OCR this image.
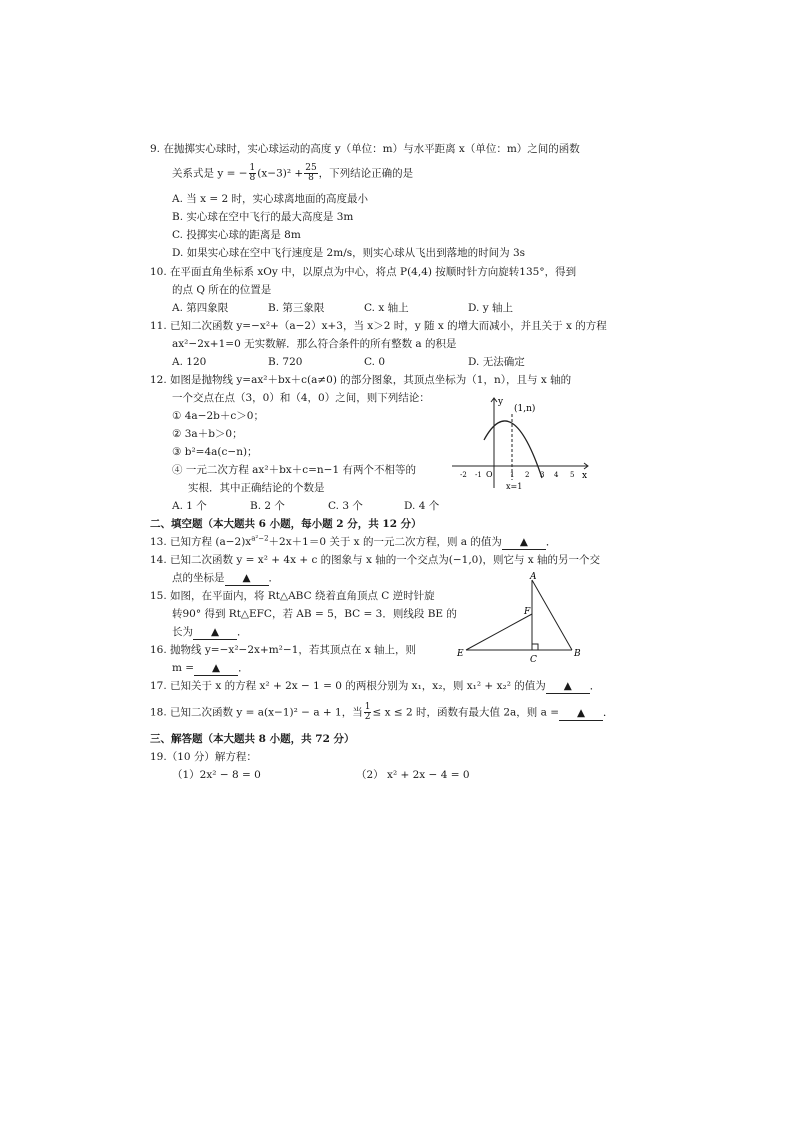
9. 在抛掷实心球时，实心球运动的高度 y（单位：m）与水平距离 x（单位：m）之间的函数
关系式是 y = − $\frac{1}{8} (x-3)^2 + \frac{25}{8}$ ，下列结论正确的是
A. 当 x = 2 时，实心球离地面的高度最小
B. 实心球在空中飞行的最大高度是 3m
C. 投掷实心球的距离是 8m
D. 如果实心球在空中飞行速度是 2m/s，则实心球从飞出到落地的时间为 3s
10. 在平面直角坐标系 xOy 中，以原点为中心，将点 P(4,4) 按顺时针方向旋转135°，得到
的点 Q 所在的位置是
A. 第四象限	B. 第三象限	C. x 轴上	D. y 轴上
11. 已知二次函数 y=−x²+（a−2）x+3，当 x＞2 时，y 随 x 的增大而减小，并且关于 x 的方程
ax²−2x+1=0 无实数解．那么符合条件的所有整数 a 的积是
A. 120	B. 720	C. 0	D. 无法确定
12. 如图是抛物线 y=ax²＋bx＋c(a≠0) 的部分图象，其顶点坐标为（1，n），且与 x 轴的
一个交点在点（3，0）和（4，0）之间，则下列结论：
① 4a−2b＋c＞0；
② 3a＋b＞0；
③ b²=4a(c−n)；
④ 一元二次方程 ax²＋bx＋c=n−1 有两个不相等的
实根．其中正确结论的个数是
A. 1 个	B. 2 个	C. 3 个	D. 4 个
y
x
(1,n)
O
-2 -1	1 2 3 4 5
x=1
二、填空题（本大题共 6 小题，每小题 2 分，共 12 分）
13. 已知方程 $(a-2)x^{a^2-2}+2x+1=0$ 关于 x 的一元二次方程，则 a 的值为 ▲ ．
14. 已知二次函数 y = x² + 4x + c 的图象与 x 轴的一个交点为(−1,0)，则它与 x 轴的另一个交
点的坐标是 ▲ ．
15. 如图，在平面内，将 Rt△ABC 绕着直角顶点 C 逆时针旋
转90° 得到 Rt△EFC，若 AB = 5，BC = 3．则线段 BE 的
长为 ▲ ．
A
B
C
E
F
16. 抛物线 y=−x²−2x+m²−1，若其顶点在 x 轴上，则
m = ▲ ．
17. 已知关于 x 的方程 x² + 2x − 1 = 0 的两根分别为 x₁，x₂，则 x₁² + x₂² 的值为 ▲ ．
18. 已知二次函数 y = a(x−1)² − a + 1，当 $\frac{1}{2} \le x \le 2$ 时，函数有最大值 2a，则 a = ▲ ．
三、解答题（本大题共 8 小题，共 72 分）
19.（10 分）解方程：
（1）2x² − 8 = 0	（2） x² + 2x − 4 = 0
